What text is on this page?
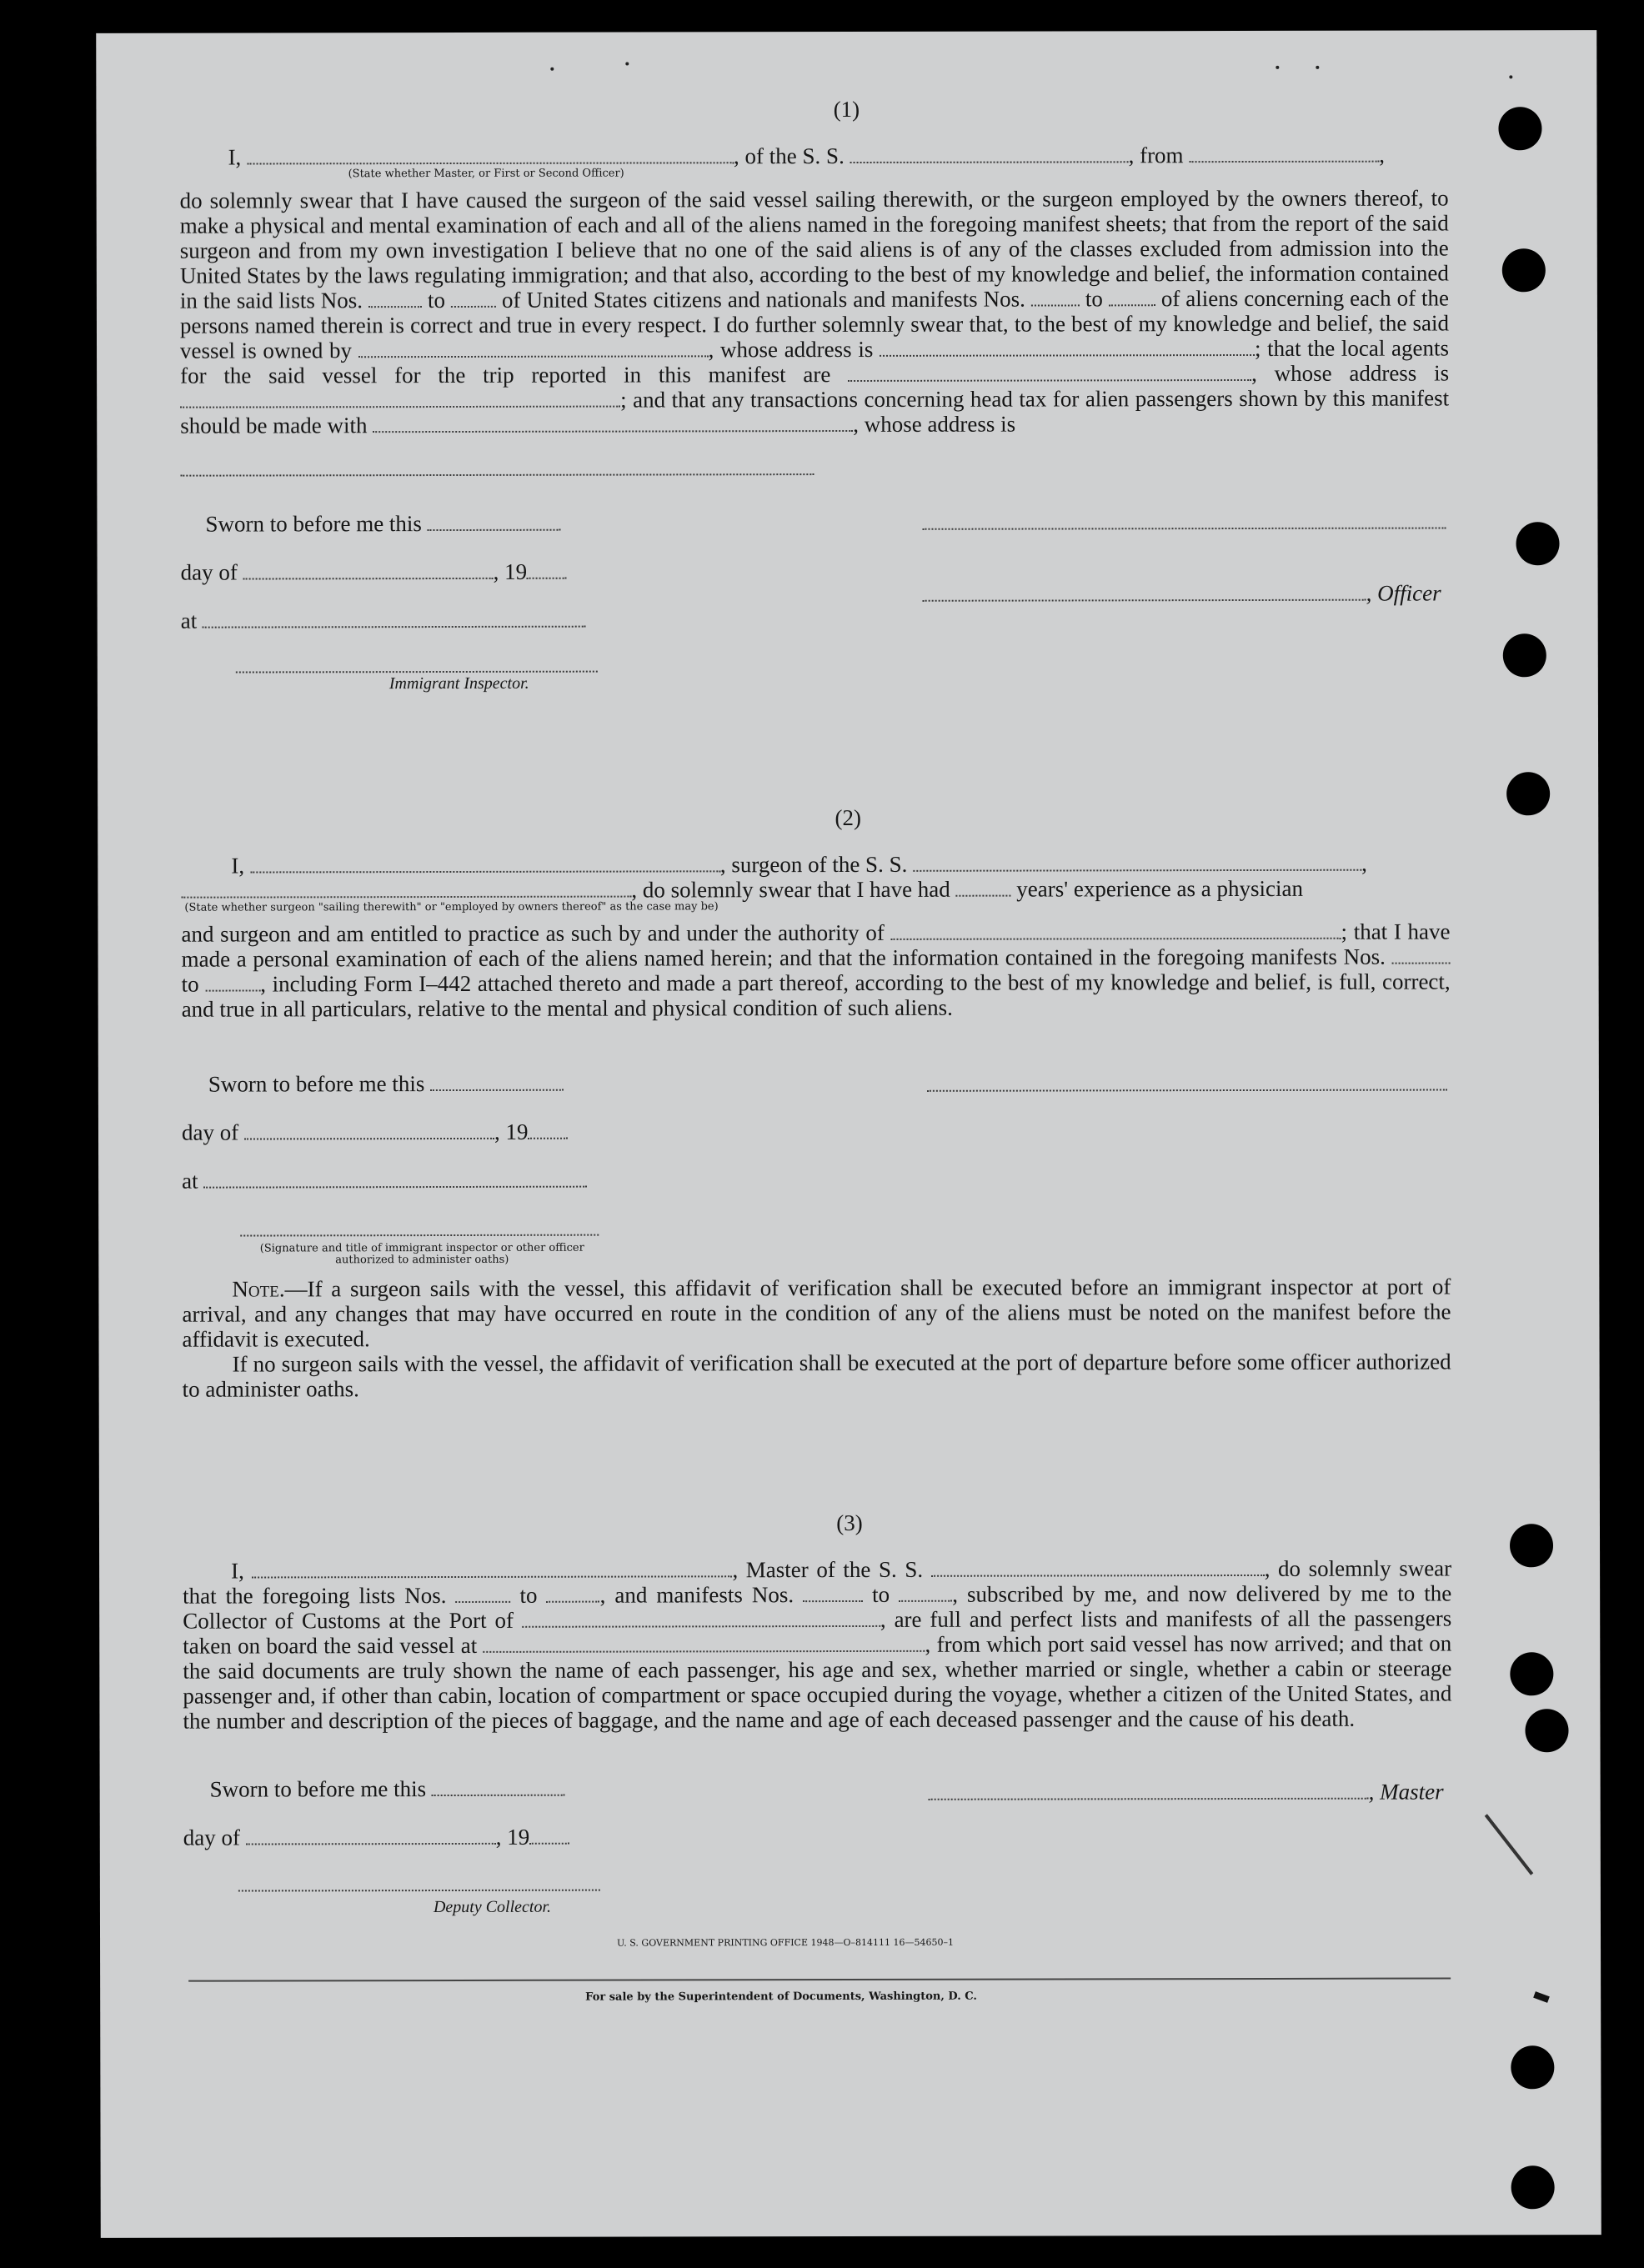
(1)
I,	, of the S. S.	, from	,
(State whether Master, or First or Second Officer)
do solemnly swear that I have caused the surgeon of the said vessel sailing therewith, or the surgeon employed by the owners thereof, to make a physical and mental examination of each and all of the aliens named in the foregoing manifest sheets; that from the report of the said surgeon and from my own investigation I believe that no one of the said aliens is of any of the classes excluded from admission into the United States by the laws regulating immigration; and that also, according to the best of my knowledge and belief, the information contained in the said lists Nos.	to	of United States citizens and nationals and manifests Nos.	to	of aliens concerning each of the persons named therein is correct and true in every respect. I do further solemnly swear that, to the best of my knowledge and belief, the said vessel is owned by	, whose address is	; that the local agents for the said vessel for the trip reported in this manifest are	, whose address is ; and that any transactions concerning head tax for alien passengers shown by this manifest should be made with	, whose address is
Sworn to before me this
day of	, 19
, Officer
at
Immigrant Inspector.
(2)
I,	, surgeon of the S. S.	,
, do solemnly swear that I have had	years' experience as a physician
(State whether surgeon "sailing therewith" or "employed by owners thereof" as the case may be)
and surgeon and am entitled to practice as such by and under the authority of	; that I have made a personal examination of each of the aliens named herein; and that the information contained in the foregoing manifests Nos.  to	, including Form I–442 attached thereto and made a part thereof, according to the best of my knowledge and belief, is full, correct, and true in all particulars, relative to the mental and physical condition of such aliens.
Sworn to before me this
day of	, 19
at
(Signature and title of immigrant inspector or other officer authorized to administer oaths)
Note.—If a surgeon sails with the vessel, this affidavit of verification shall be executed before an immigrant inspector at port of arrival, and any changes that may have occurred en route in the condition of any of the aliens must be noted on the manifest before the affidavit is executed.
If no surgeon sails with the vessel, the affidavit of verification shall be executed at the port of departure before some officer authorized to administer oaths.
(3)
I,	, Master of the S. S.	, do solemnly swear that the foregoing lists Nos.	to	, and manifests Nos.	to	, subscribed by me, and now delivered by me to the Collector of Customs at the Port of	, are full and perfect lists and manifests of all the passengers taken on board the said vessel at	, from which port said vessel has now arrived; and that on the said documents are truly shown the name of each passenger, his age and sex, whether married or single, whether a cabin or steerage passenger and, if other than cabin, location of compartment or space occupied during the voyage, whether a citizen of the United States, and the number and description of the pieces of baggage, and the name and age of each deceased passenger and the cause of his death.
Sworn to before me this	, Master
day of	, 19
Deputy Collector.
U. S. GOVERNMENT PRINTING OFFICE 1948—O–814111 16—54650–1
For sale by the Superintendent of Documents, Washington, D. C.
